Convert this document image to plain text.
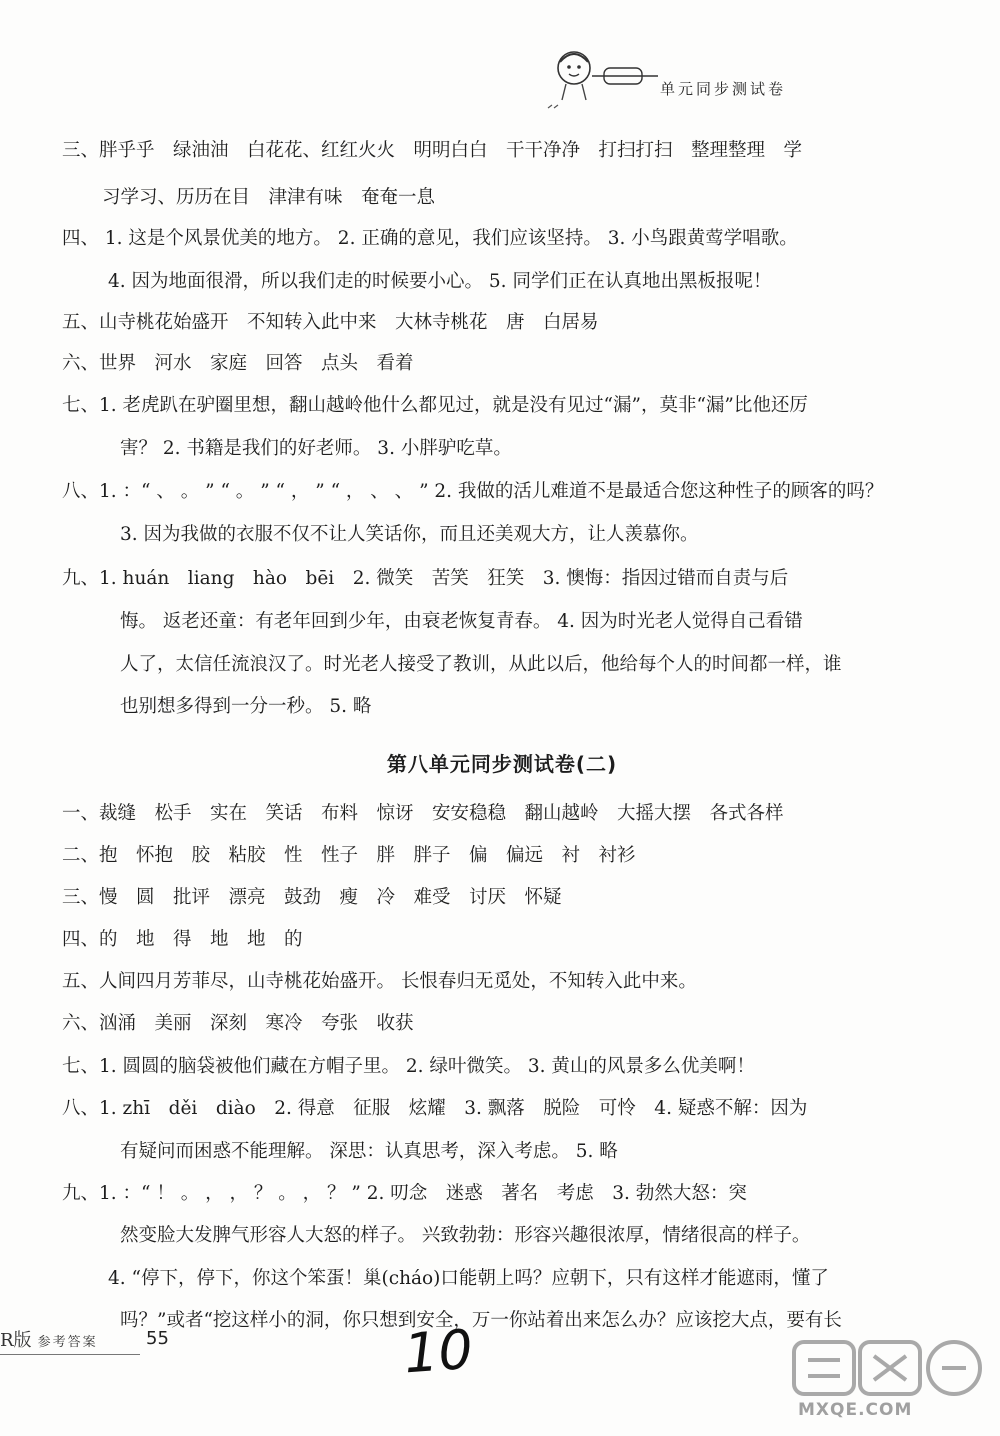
单元同步测试卷
三、胖乎乎　绿油油　白花花、红红火火　明明白白　干干净净　打扫打扫　整理整理　学
习学习、历历在目　津津有味　奄奄一息
四、 1. 这是个风景优美的地方。 2. 正确的意见，我们应该坚持。 3. 小鸟跟黄莺学唱歌。
4. 因为地面很滑，所以我们走的时候要小心。 5. 同学们正在认真地出黑板报呢！
五、山寺桃花始盛开　不知转入此中来　大林寺桃花　唐　白居易
六、世界　河水　家庭　回答　点头　看着
七、1. 老虎趴在驴圈里想，翻山越岭他什么都见过，就是没有见过“漏”，莫非“漏”比他还厉
害？ 2. 书籍是我们的好老师。 3. 小胖驴吃草。
八、1. ：“ 、 。 ” “ 。 ” “ ， ” “ ， 、 、 ” 2. 我做的活儿难道不是最适合您这种性子的顾客的吗？
3. 因为我做的衣服不仅不让人笑话你，而且还美观大方，让人羡慕你。
九、1. huán　liang　hào　bēi　2. 微笑　苦笑　狂笑　3. 懊悔：指因过错而自责与后
悔。 返老还童：有老年回到少年，由衰老恢复青春。 4. 因为时光老人觉得自己看错
人了，太信任流浪汉了。时光老人接受了教训，从此以后，他给每个人的时间都一样，谁
也别想多得到一分一秒。 5. 略
第八单元同步测试卷(二)
一、裁缝　松手　实在　笑话　布料　惊讶　安安稳稳　翻山越岭　大摇大摆　各式各样
二、抱　怀抱　胶　粘胶　性　性子　胖　胖子　偏　偏远　衬　衬衫
三、慢　圆　批评　漂亮　鼓劲　瘦　冷　难受　讨厌　怀疑
四、的　地　得　地　地　的
五、人间四月芳菲尽，山寺桃花始盛开。 长恨春归无觅处，不知转入此中来。
六、汹涌　美丽　深刻　寒冷　夸张　收获
七、1. 圆圆的脑袋被他们藏在方帽子里。 2. 绿叶微笑。 3. 黄山的风景多么优美啊！
八、1. zhī　děi　diào　2. 得意　征服　炫耀　3. 飘落　脱险　可怜　4. 疑惑不解：因为
有疑问而困惑不能理解。 深思：认真思考，深入考虑。 5. 略
九、1. ：“ ！ 。 ， ， ？ 。 ， ？ ” 2. 叨念　迷惑　著名　考虑　3. 勃然大怒：突
然变脸大发脾气形容人大怒的样子。 兴致勃勃：形容兴趣很浓厚，情绪很高的样子。
4. “停下，停下，你这个笨蛋！巢(cháo)口能朝上吗？应朝下，只有这样才能遮雨，懂了
吗？”或者“挖这样小的洞，你只想到安全，万一你站着出来怎么办？应该挖大点，要有长
R版 参考答案	55	10
MXQE.COM
